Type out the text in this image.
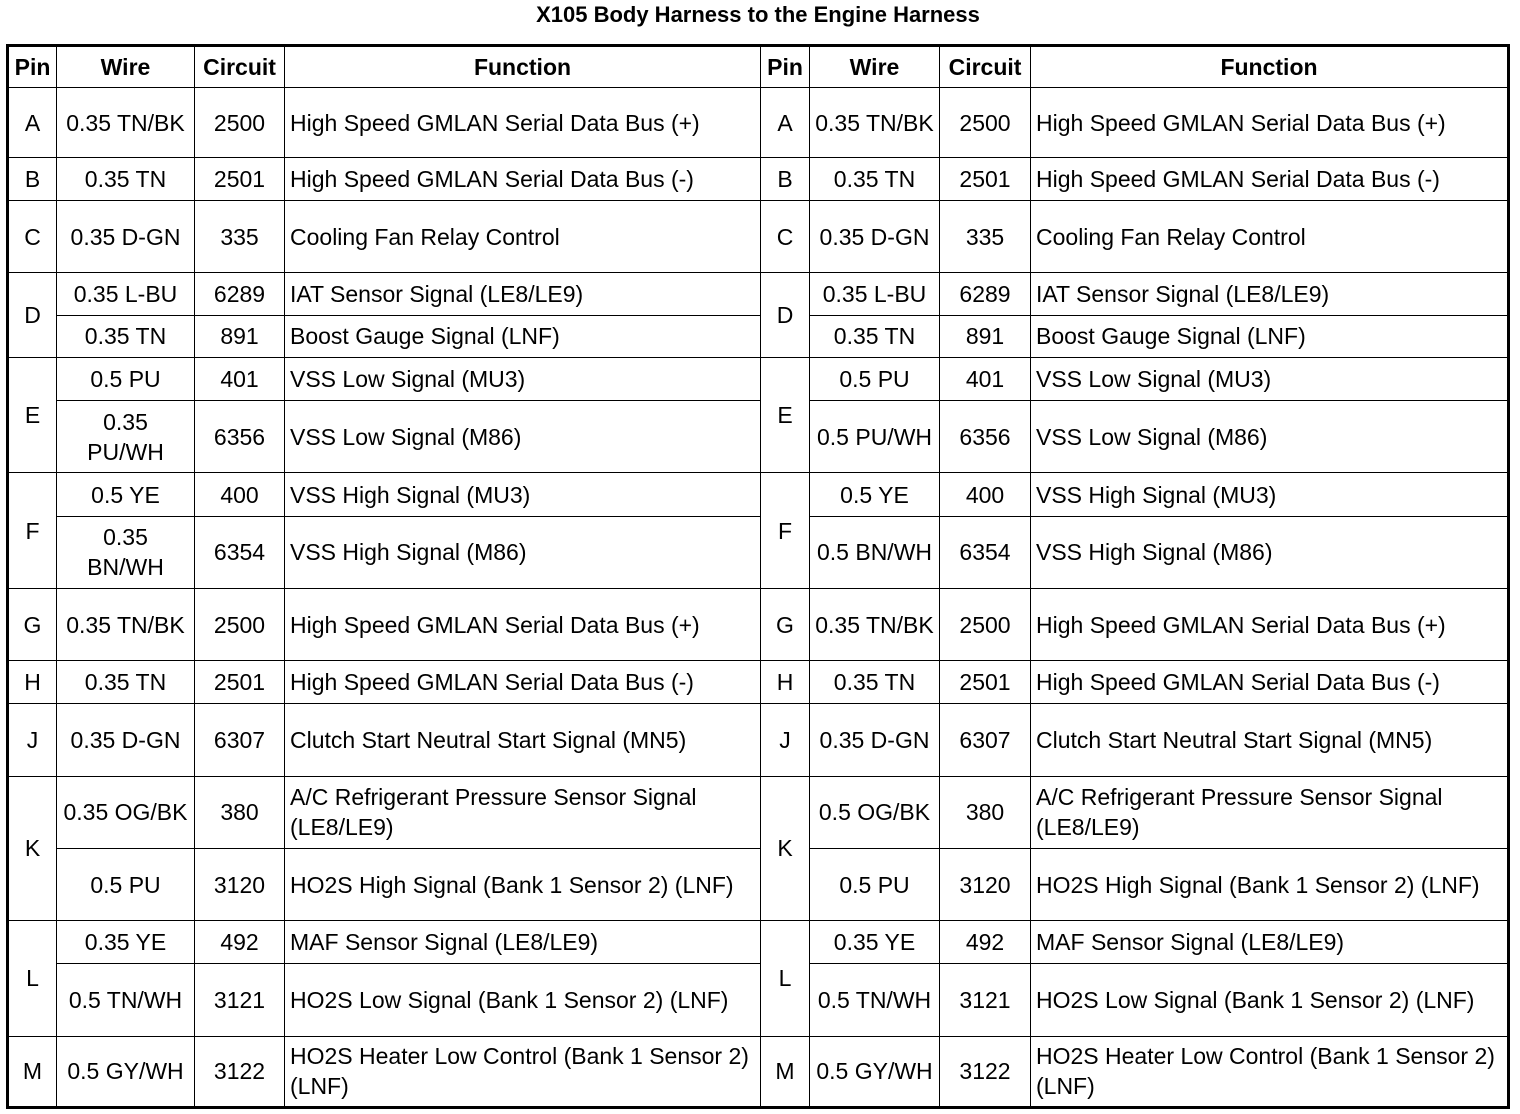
X105 Body Harness to the Engine Harness
Pin	Wire	Circuit	Function	Pin	Wire	Circuit	Function
A	0.35 TN/BK	2500	High Speed GMLAN Serial Data Bus (+)	A	0.35 TN/BK	2500	High Speed GMLAN Serial Data Bus (+)
B	0.35 TN	2501	High Speed GMLAN Serial Data Bus (-)	B	0.35 TN	2501	High Speed GMLAN Serial Data Bus (-)
C	0.35 D-GN	335	Cooling Fan Relay Control	C	0.35 D-GN	335	Cooling Fan Relay Control
D	0.35 L-BU	6289	IAT Sensor Signal (LE8/LE9)	D	0.35 L-BU	6289	IAT Sensor Signal (LE8/LE9)
	0.35 TN	891	Boost Gauge Signal (LNF)		0.35 TN	891	Boost Gauge Signal (LNF)
E	0.5 PU	401	VSS Low Signal (MU3)	E	0.5 PU	401	VSS Low Signal (MU3)
	0.35 PU/WH	6356	VSS Low Signal (M86)		0.5 PU/WH	6356	VSS Low Signal (M86)
F	0.5 YE	400	VSS High Signal (MU3)	F	0.5 YE	400	VSS High Signal (MU3)
	0.35 BN/WH	6354	VSS High Signal (M86)		0.5 BN/WH	6354	VSS High Signal (M86)
G	0.35 TN/BK	2500	High Speed GMLAN Serial Data Bus (+)	G	0.35 TN/BK	2500	High Speed GMLAN Serial Data Bus (+)
H	0.35 TN	2501	High Speed GMLAN Serial Data Bus (-)	H	0.35 TN	2501	High Speed GMLAN Serial Data Bus (-)
J	0.35 D-GN	6307	Clutch Start Neutral Start Signal (MN5)	J	0.35 D-GN	6307	Clutch Start Neutral Start Signal (MN5)
K	0.35 OG/BK	380	A/C Refrigerant Pressure Sensor Signal (LE8/LE9)	K	0.5 OG/BK	380	A/C Refrigerant Pressure Sensor Signal (LE8/LE9)
	0.5 PU	3120	HO2S High Signal (Bank 1 Sensor 2) (LNF)		0.5 PU	3120	HO2S High Signal (Bank 1 Sensor 2) (LNF)
L	0.35 YE	492	MAF Sensor Signal (LE8/LE9)	L	0.35 YE	492	MAF Sensor Signal (LE8/LE9)
	0.5 TN/WH	3121	HO2S Low Signal (Bank 1 Sensor 2) (LNF)		0.5 TN/WH	3121	HO2S Low Signal (Bank 1 Sensor 2) (LNF)
M	0.5 GY/WH	3122	HO2S Heater Low Control (Bank 1 Sensor 2) (LNF)	M	0.5 GY/WH	3122	HO2S Heater Low Control (Bank 1 Sensor 2) (LNF)
